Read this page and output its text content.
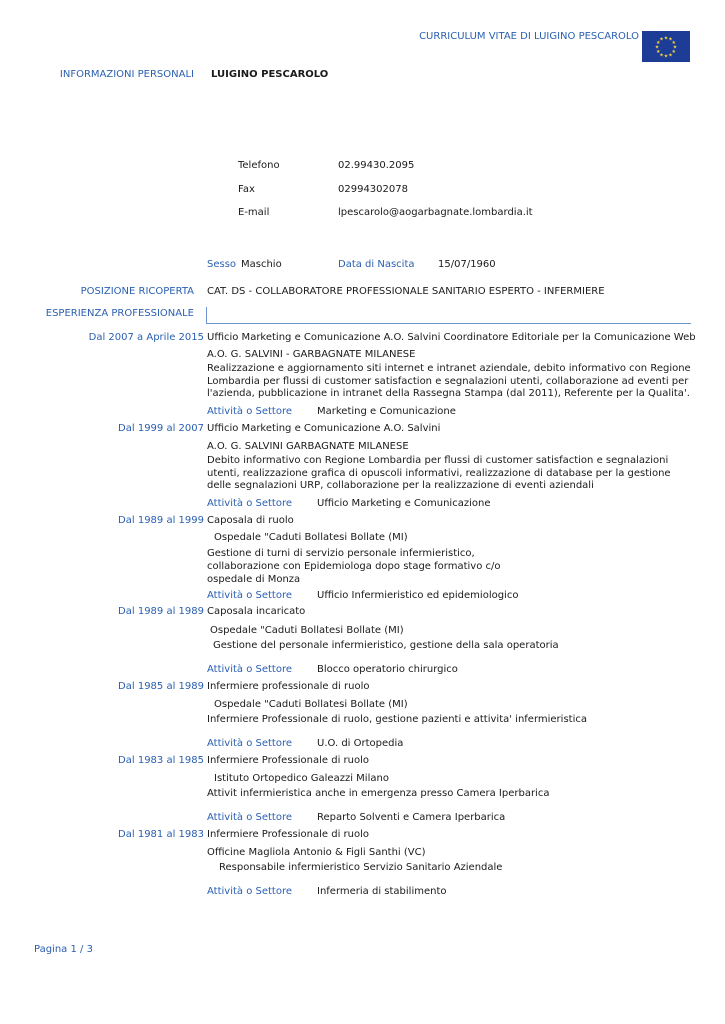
CURRICULUM VITAE DI LUIGINO PESCAROLO	★ ★
★
★
★
★
★
★
★
★
★
★
INFORMAZIONI PERSONALI LUIGINO PESCAROLO
Telefono	02.99430.2095
Fax	02994302078
E-mail	lpescarolo@aogarbagnate.lombardia.it
Sesso Maschio	Data di Nascita 15/07/1960
POSIZIONE RICOPERTA CAT. DS - COLLABORATORE PROFESSIONALE SANITARIO ESPERTO - INFERMIERE
ESPERIENZA PROFESSIONALE
Dal 2007 a Aprile 2015 Ufficio Marketing e Comunicazione A.O. Salvini Coordinatore Editoriale per la Comunicazione Web
A.O. G. SALVINI - GARBAGNATE MILANESE
Realizzazione e aggiornamento siti internet e intranet aziendale, debito informativo con Regione Lombardia per flussi di customer satisfaction e segnalazioni utenti, collaborazione ad eventi per l'azienda, pubblicazione in intranet della Rassegna Stampa (dal 2011), Referente per la Qualita'.
Attività o Settore Marketing e Comunicazione
Dal 1999 al 2007 Ufficio Marketing e Comunicazione A.O. Salvini
A.O. G. SALVINI GARBAGNATE MILANESE
Debito informativo con Regione Lombardia per flussi di customer satisfaction e segnalazioni utenti, realizzazione grafica di opuscoli informativi, realizzazione di database per la gestione delle segnalazioni URP, collaborazione per la realizzazione di eventi aziendali
Attività o Settore Ufficio Marketing e Comunicazione
Dal 1989 al 1999 Caposala di ruolo
Ospedale "Caduti Bollatesi Bollate (MI)
Gestione di turni di servizio personale infermieristico, collaborazione con Epidemiologa dopo stage formativo c/o ospedale di Monza
Attività o Settore Ufficio Infermieristico ed epidemiologico
Dal 1989 al 1989 Caposala incaricato
Ospedale "Caduti Bollatesi Bollate (MI)
Gestione del personale infermieristico, gestione della sala operatoria
Attività o Settore Blocco operatorio chirurgico
Dal 1985 al 1989 Infermiere professionale di ruolo
Ospedale "Caduti Bollatesi Bollate (MI)
Infermiere Professionale di ruolo, gestione pazienti e attivita' infermieristica
Attività o Settore U.O. di Ortopedia
Dal 1983 al 1985 Infermiere Professionale di ruolo
Istituto Ortopedico Galeazzi Milano
Attivit infermieristica anche in emergenza presso Camera Iperbarica
Attività o Settore Reparto Solventi e Camera Iperbarica
Dal 1981 al 1983 Infermiere Professionale di ruolo
Officine Magliola Antonio & Figli Santhi (VC)
Responsabile infermieristico Servizio Sanitario Aziendale
Attività o Settore Infermeria di stabilimento
Pagina 1 / 3
